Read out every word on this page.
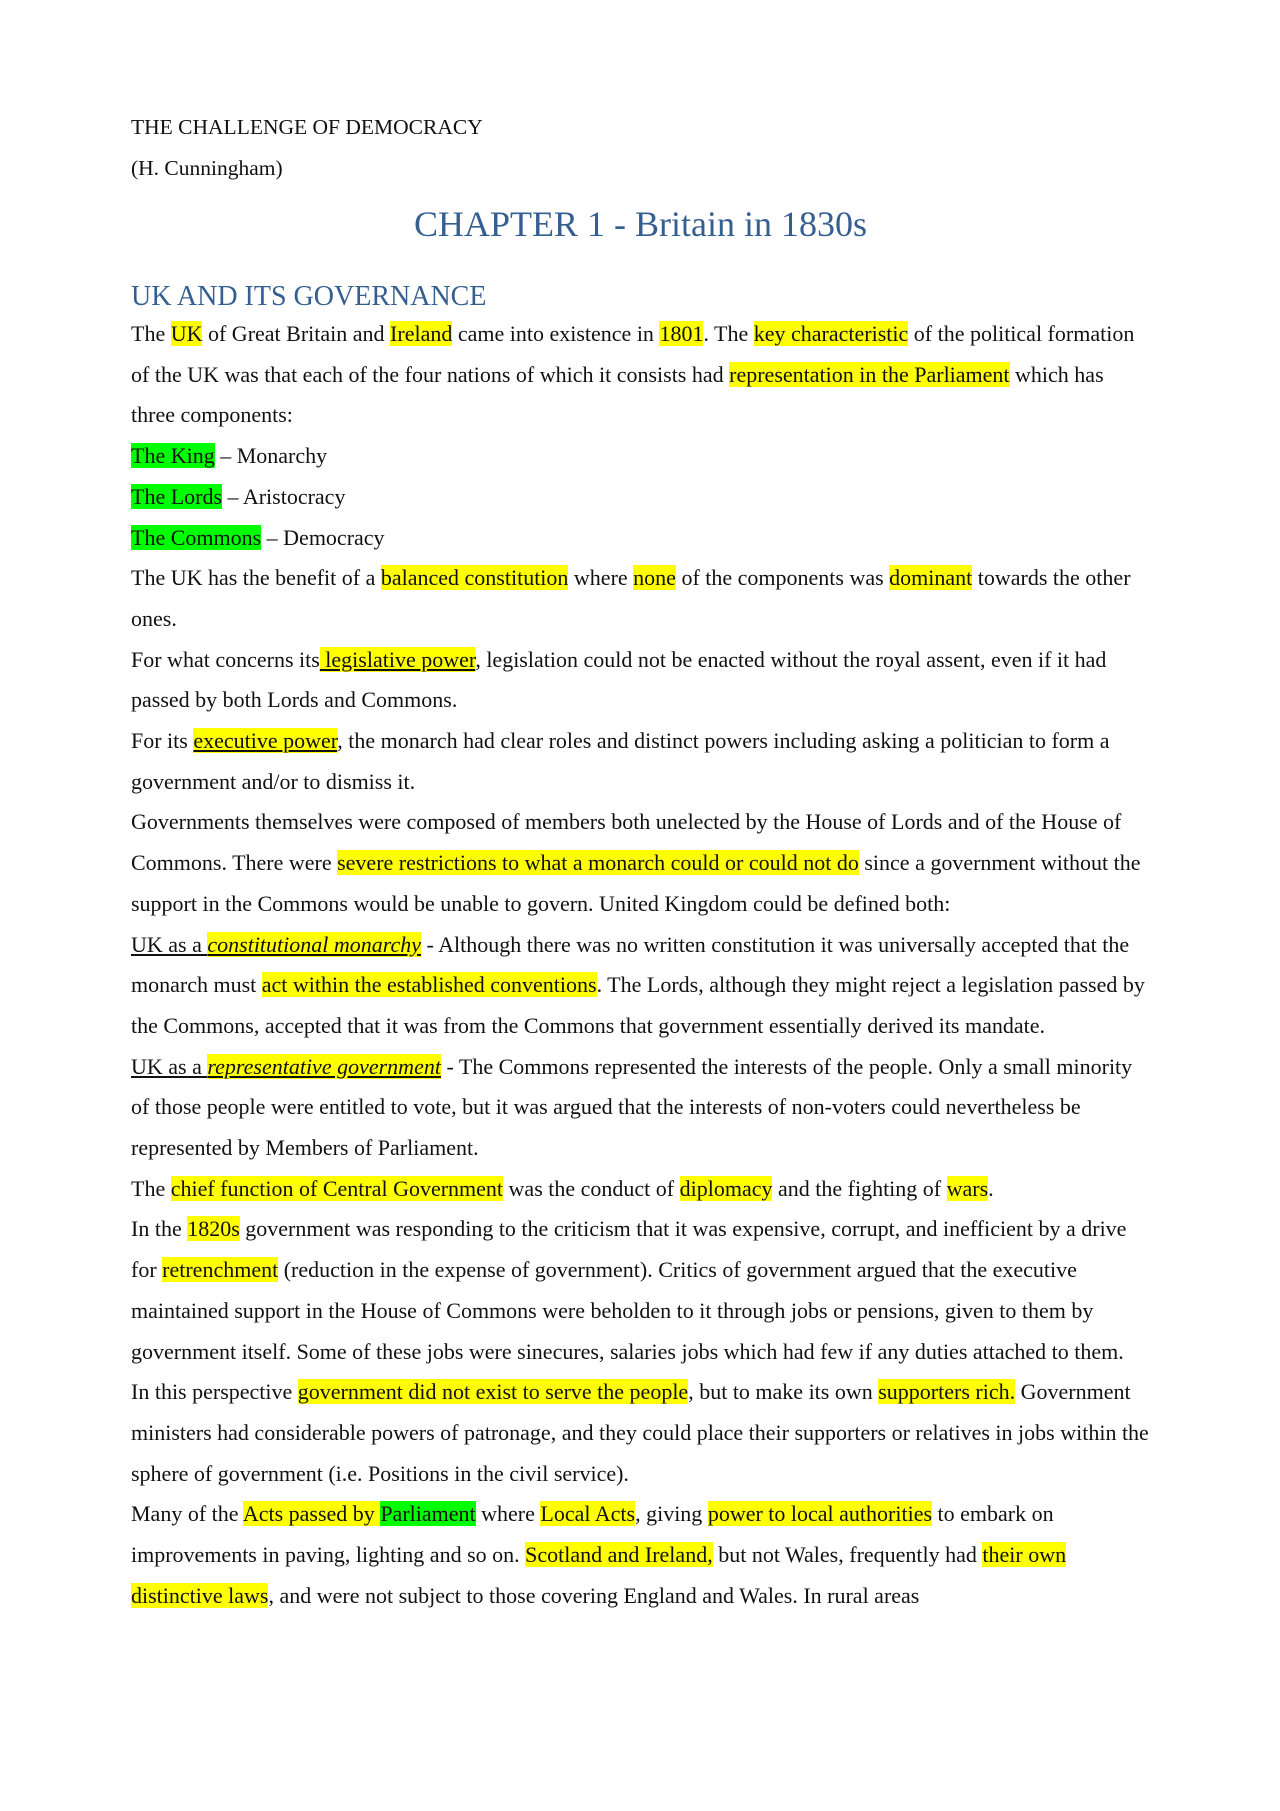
THE CHALLENGE OF DEMOCRACY

(H. Cunningham)

CHAPTER 1 - Britain in 1830s
UK AND ITS GOVERNANCE

The UK of Great Britain and Ireland came into existence in 1801. The key characteristic of the political formation of the UK was that each of the four nations of which it consists had representation in the Parliament which has three components:

The King – Monarchy

The Lords – Aristocracy

The Commons – Democracy

The UK has the benefit of a balanced constitution where none of the components was dominant towards the other ones.

For what concerns its legislative power, legislation could not be enacted without the royal assent, even if it had passed by both Lords and Commons.

For its executive power, the monarch had clear roles and distinct powers including asking a politician to form a government and/or to dismiss it.

Governments themselves were composed of members both unelected by the House of Lords and of the House of Commons. There were severe restrictions to what a monarch could or could not do since a government without the support in the Commons would be unable to govern. United Kingdom could be defined both:

UK as a constitutional monarchy - Although there was no written constitution it was universally accepted that the monarch must act within the established conventions. The Lords, although they might reject a legislation passed by the Commons, accepted that it was from the Commons that government essentially derived its mandate.

UK as a representative government - The Commons represented the interests of the people. Only a small minority of those people were entitled to vote, but it was argued that the interests of non-voters could nevertheless be represented by Members of Parliament.

The chief function of Central Government was the conduct of diplomacy and the fighting of wars.

In the 1820s government was responding to the criticism that it was expensive, corrupt, and inefficient by a drive for retrenchment (reduction in the expense of government). Critics of government argued that the executive maintained support in the House of Commons were beholden to it through jobs or pensions, given to them by government itself. Some of these jobs were sinecures, salaries jobs which had few if any duties attached to them.

In this perspective government did not exist to serve the people, but to make its own supporters rich. Government ministers had considerable powers of patronage, and they could place their supporters or relatives in jobs within the sphere of government (i.e. Positions in the civil service).

Many of the Acts passed by Parliament where Local Acts, giving power to local authorities to embark on improvements in paving, lighting and so on. Scotland and Ireland, but not Wales, frequently had their own distinctive laws, and were not subject to those covering England and Wales. In rural areas
